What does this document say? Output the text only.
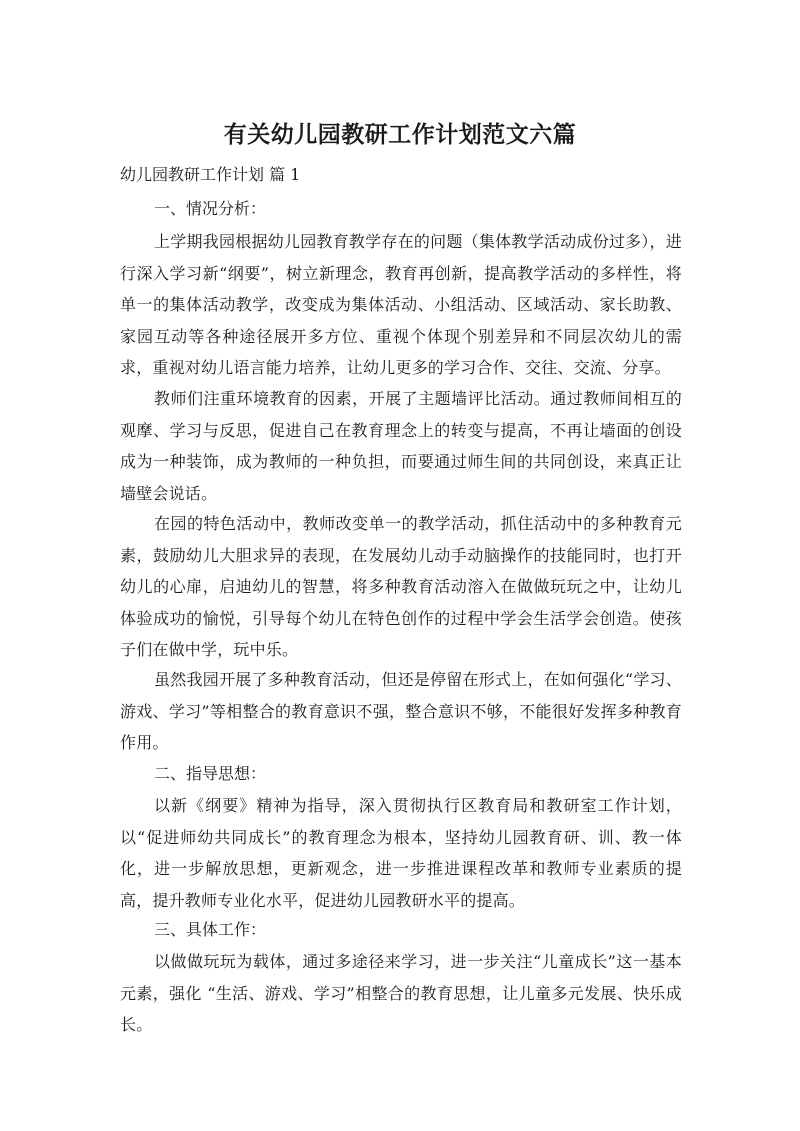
有关幼儿园教研工作计划范文六篇

幼儿园教研工作计划 篇 1

一、情况分析：

上学期我园根据幼儿园教育教学存在的问题（集体教学活动成份过多），进行深入学习新“纲要”，树立新理念，教育再创新，提高教学活动的多样性，将单一的集体活动教学，改变成为集体活动、小组活动、区域活动、家长助教、家园互动等各种途径展开多方位、重视个体现个别差异和不同层次幼儿的需求，重视对幼儿语言能力培养，让幼儿更多的学习合作、交往、交流、分享。

教师们注重环境教育的因素，开展了主题墙评比活动。通过教师间相互的观摩、学习与反思，促进自己在教育理念上的转变与提高，不再让墙面的创设成为一种装饰，成为教师的一种负担，而要通过师生间的共同创设，来真正让墙壁会说话。

在园的特色活动中，教师改变单一的教学活动，抓住活动中的多种教育元素，鼓励幼儿大胆求异的表现，在发展幼儿动手动脑操作的技能同时，也打开幼儿的心扉，启迪幼儿的智慧，将多种教育活动溶入在做做玩玩之中，让幼儿体验成功的愉悦，引导每个幼儿在特色创作的过程中学会生活学会创造。使孩子们在做中学，玩中乐。

虽然我园开展了多种教育活动，但还是停留在形式上，在如何强化“学习、游戏、学习”等相整合的教育意识不强，整合意识不够，不能很好发挥多种教育作用。

二、指导思想：

以新《纲要》精神为指导，深入贯彻执行区教育局和教研室工作计划，以“促进师幼共同成长”的教育理念为根本，坚持幼儿园教育研、训、教一体化，进一步解放思想，更新观念，进一步推进课程改革和教师专业素质的提高，提升教师专业化水平，促进幼儿园教研水平的提高。

三、具体工作：

以做做玩玩为载体，通过多途径来学习，进一步关注“儿童成长”这一基本元素，强化 “生活、游戏、学习”相整合的教育思想，让儿童多元发展、快乐成长。
